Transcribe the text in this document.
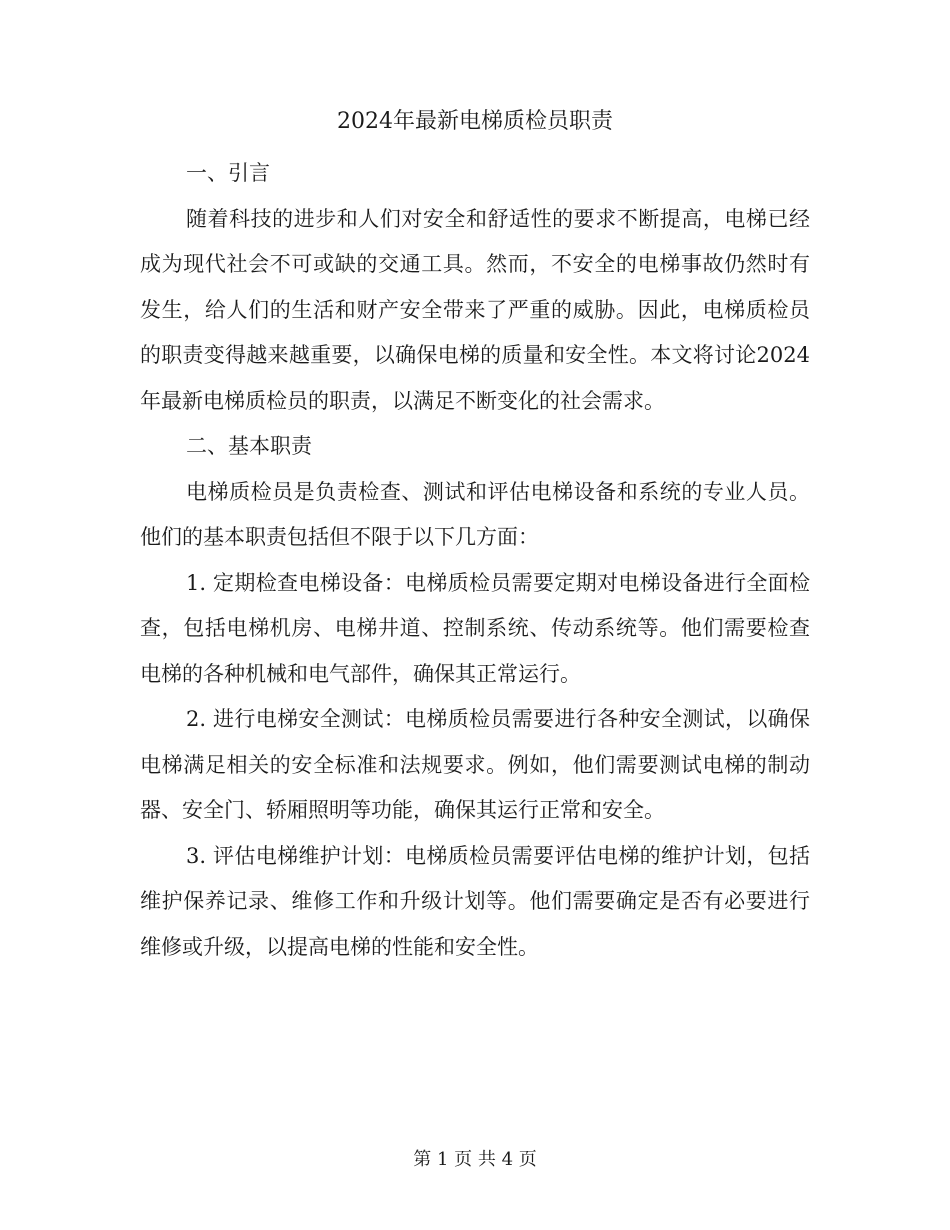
2024年最新电梯质检员职责
一、引言

随着科技的进步和人们对安全和舒适性的要求不断提高，电梯已经成为现代社会不可或缺的交通工具。然而，不安全的电梯事故仍然时有发生，给人们的生活和财产安全带来了严重的威胁。因此，电梯质检员的职责变得越来越重要，以确保电梯的质量和安全性。本文将讨论2024年最新电梯质检员的职责，以满足不断变化的社会需求。

二、基本职责

电梯质检员是负责检查、测试和评估电梯设备和系统的专业人员。他们的基本职责包括但不限于以下几方面：

1. 定期检查电梯设备：电梯质检员需要定期对电梯设备进行全面检查，包括电梯机房、电梯井道、控制系统、传动系统等。他们需要检查电梯的各种机械和电气部件，确保其正常运行。

2. 进行电梯安全测试：电梯质检员需要进行各种安全测试，以确保电梯满足相关的安全标准和法规要求。例如，他们需要测试电梯的制动器、安全门、轿厢照明等功能，确保其运行正常和安全。

3. 评估电梯维护计划：电梯质检员需要评估电梯的维护计划，包括维护保养记录、维修工作和升级计划等。他们需要确定是否有必要进行维修或升级，以提高电梯的性能和安全性。

第 1 页 共 4 页
